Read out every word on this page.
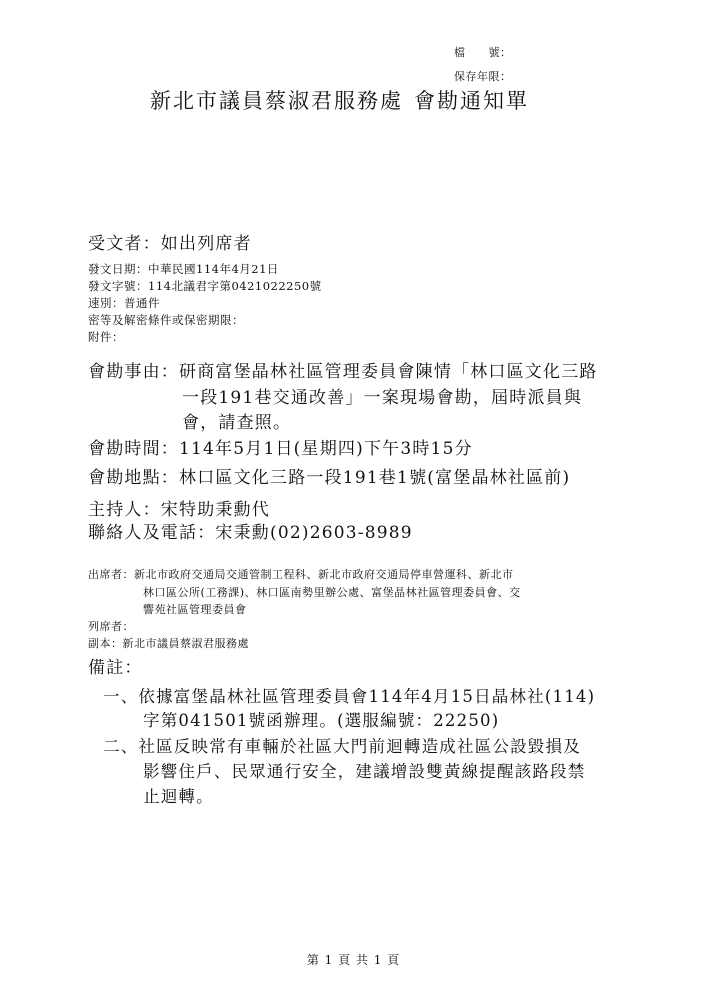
檔　　號：
保存年限：
新北市議員蔡淑君服務處 會勘通知單
受文者：如出列席者
發文日期：中華民國114年4月21日
發文字號：114北議君字第0421022250號
速別：普通件
密等及解密條件或保密期限：
附件：
會勘事由：研商富堡晶林社區管理委員會陳情「林口區文化三路
一段191巷交通改善」一案現場會勘，屆時派員與
會，請查照。
會勘時間：114年5月1日(星期四)下午3時15分
會勘地點：林口區文化三路一段191巷1號(富堡晶林社區前)
主持人：宋特助秉勳代
聯絡人及電話：宋秉勳(02)2603-8989
出席者：新北市政府交通局交通管制工程科、新北市政府交通局停車營運科、新北市
林口區公所(工務課)、林口區南勢里辦公處、富堡晶林社區管理委員會、交
響苑社區管理委員會
列席者：
副本：新北市議員蔡淑君服務處
備註：
一、依據富堡晶林社區管理委員會114年4月15日晶林社(114)
字第041501號函辦理。(選服編號：22250)
二、社區反映常有車輛於社區大門前迴轉造成社區公設毀損及
影響住戶、民眾通行安全，建議增設雙黃線提醒該路段禁
止迴轉。
第 1 頁 共 1 頁
